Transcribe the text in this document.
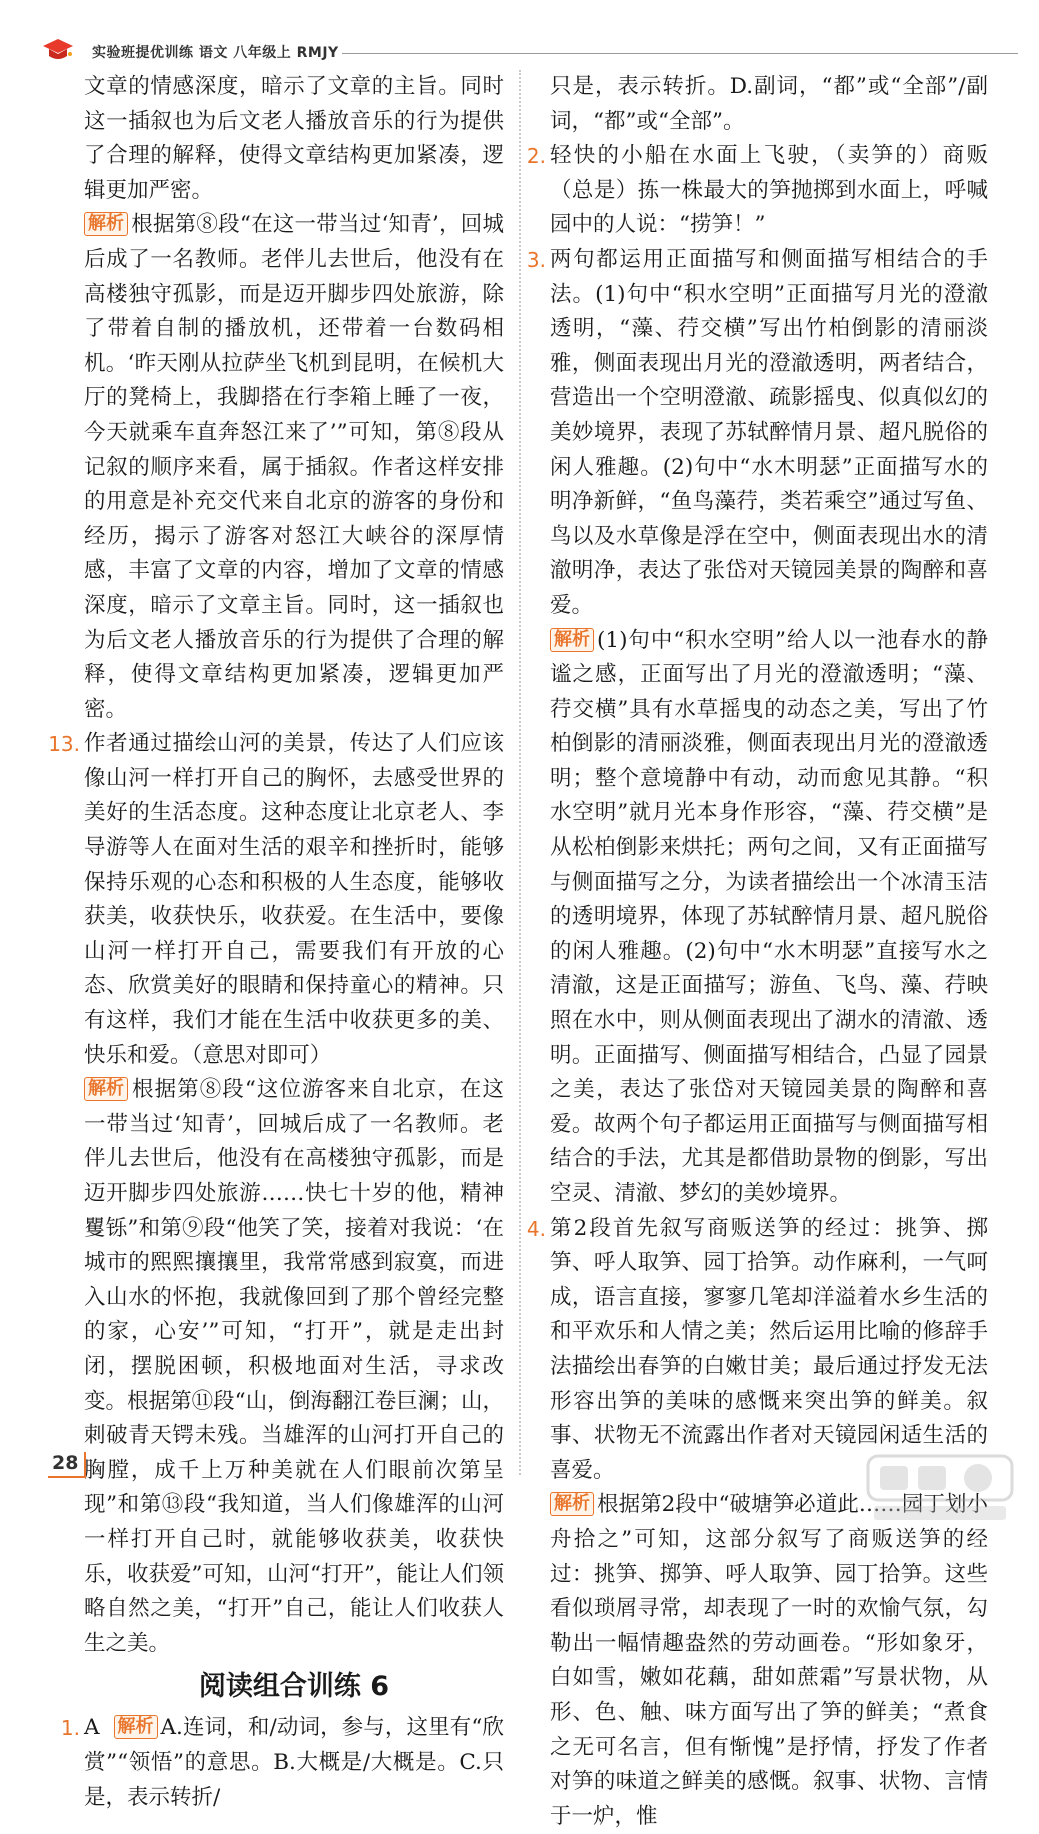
实验班提优训练 语文 八年级上 RMJY

文章的情感深度，暗示了文章的主旨。同时这一插叙也为后文老人播放音乐的行为提供了合理的解释，使得文章结构更加紧凑，逻辑更加严密。

解析 根据第⑧段“在这一带当过‘知青’，回城后成了一名教师。老伴儿去世后，他没有在高楼独守孤影，而是迈开脚步四处旅游，除了带着自制的播放机，还带着一台数码相机。‘昨天刚从拉萨坐飞机到昆明，在候机大厅的凳椅上，我脚搭在行李箱上睡了一夜，今天就乘车直奔怒江来了’”可知，第⑧段从记叙的顺序来看，属于插叙。作者这样安排的用意是补充交代来自北京的游客的身份和经历，揭示了游客对怒江大峡谷的深厚情感，丰富了文章的内容，增加了文章的情感深度，暗示了文章主旨。同时，这一插叙也为后文老人播放音乐的行为提供了合理的解释，使得文章结构更加紧凑，逻辑更加严密。

13. 作者通过描绘山河的美景，传达了人们应该像山河一样打开自己的胸怀，去感受世界的美好的生活态度。这种态度让北京老人、李导游等人在面对生活的艰辛和挫折时，能够保持乐观的心态和积极的人生态度，能够收获美，收获快乐，收获爱。在生活中，要像山河一样打开自己，需要我们有开放的心态、欣赏美好的眼睛和保持童心的精神。只有这样，我们才能在生活中收获更多的美、快乐和爱。（意思对即可）

解析 根据第⑧段“这位游客来自北京，在这一带当过‘知青’，回城后成了一名教师。老伴儿去世后，他没有在高楼独守孤影，而是迈开脚步四处旅游……快七十岁的他，精神矍铄”和第⑨段“他笑了笑，接着对我说：‘在城市的熙熙攘攘里，我常常感到寂寞，而进入山水的怀抱，我就像回到了那个曾经完整的家，心安’”可知，“打开”，就是走出封闭，摆脱困顿，积极地面对生活，寻求改变。根据第⑪段“山，倒海翻江卷巨澜；山，刺破青天锷未残。当雄浑的山河打开自己的胸膛，成千上万种美就在人们眼前次第呈现”和第⑬段“我知道，当人们像雄浑的山河一样打开自己时，就能够收获美，收获快乐，收获爱”可知，山河“打开”，能让人们领略自然之美，“打开”自己，能让人们收获人生之美。

阅读组合训练 6

1. A 解析 A.连词，和/动词，参与，这里有“欣赏”“领悟”的意思。B.大概是/大概是。C.只是，表示转折/

只是，表示转折。D.副词，“都”或“全部”/副词，“都”或“全部”。

2. 轻快的小船在水面上飞驶，（卖笋的）商贩（总是）拣一株最大的笋抛掷到水面上，呼喊园中的人说：“捞笋！”

3. 两句都运用正面描写和侧面描写相结合的手法。(1)句中“积水空明”正面描写月光的澄澈透明，“藻、荇交横”写出竹柏倒影的清丽淡雅，侧面表现出月光的澄澈透明，两者结合，营造出一个空明澄澈、疏影摇曳、似真似幻的美妙境界，表现了苏轼醉情月景、超凡脱俗的闲人雅趣。(2)句中“水木明瑟”正面描写水的明净新鲜，“鱼鸟藻荇，类若乘空”通过写鱼、鸟以及水草像是浮在空中，侧面表现出水的清澈明净，表达了张岱对天镜园美景的陶醉和喜爱。

解析 (1)句中“积水空明”给人以一池春水的静谧之感，正面写出了月光的澄澈透明；“藻、荇交横”具有水草摇曳的动态之美，写出了竹柏倒影的清丽淡雅，侧面表现出月光的澄澈透明；整个意境静中有动，动而愈见其静。“积水空明”就月光本身作形容，“藻、荇交横”是从松柏倒影来烘托；两句之间，又有正面描写与侧面描写之分，为读者描绘出一个冰清玉洁的透明境界，体现了苏轼醉情月景、超凡脱俗的闲人雅趣。(2)句中“水木明瑟”直接写水之清澈，这是正面描写；游鱼、飞鸟、藻、荇映照在水中，则从侧面表现出了湖水的清澈、透明。正面描写、侧面描写相结合，凸显了园景之美，表达了张岱对天镜园美景的陶醉和喜爱。故两个句子都运用正面描写与侧面描写相结合的手法，尤其是都借助景物的倒影，写出空灵、清澈、梦幻的美妙境界。

4. 第2段首先叙写商贩送笋的经过：挑笋、掷笋、呼人取笋、园丁拾笋。动作麻利，一气呵成，语言直接，寥寥几笔却洋溢着水乡生活的和平欢乐和人情之美；然后运用比喻的修辞手法描绘出春笋的白嫩甘美；最后通过抒发无法形容出笋的美味的感慨来突出笋的鲜美。叙事、状物无不流露出作者对天镜园闲适生活的喜爱。

解析 根据第2段中“破塘笋必道此……园丁划小舟拾之”可知，这部分叙写了商贩送笋的经过：挑笋、掷笋、呼人取笋、园丁拾笋。这些看似琐屑寻常，却表现了一时的欢愉气氛，勾勒出一幅情趣盎然的劳动画卷。“形如象牙，白如雪，嫩如花藕，甜如蔗霜”写景状物，从形、色、触、味方面写出了笋的鲜美；“煮食之无可名言，但有惭愧”是抒情，抒发了作者对笋的味道之鲜美的感慨。叙事、状物、言情于一炉，惟

28
